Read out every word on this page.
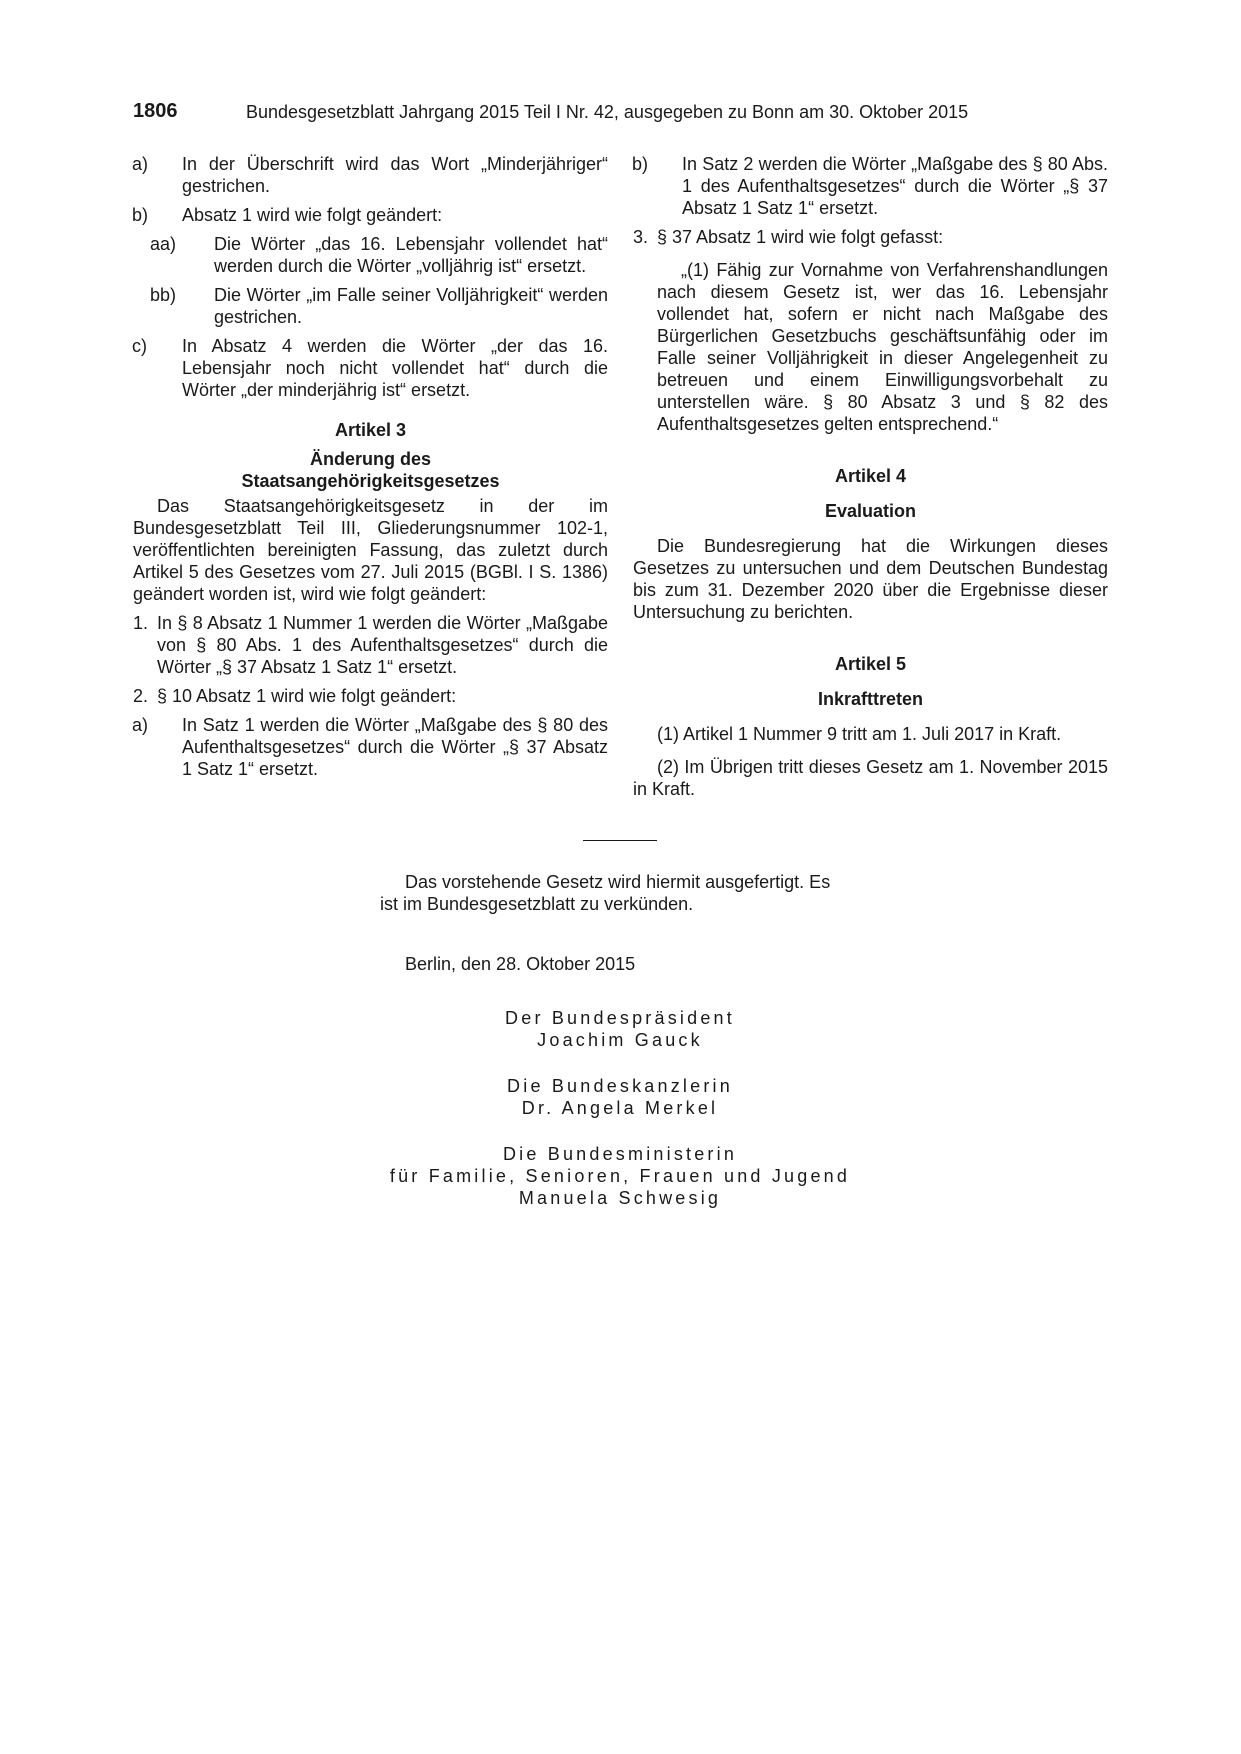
1806	Bundesgesetzblatt Jahrgang 2015 Teil I Nr. 42, ausgegeben zu Bonn am 30. Oktober 2015
a) In der Überschrift wird das Wort „Minderjähriger“ gestrichen.
b) Absatz 1 wird wie folgt geändert:
aa) Die Wörter „das 16. Lebensjahr vollendet hat“ werden durch die Wörter „volljährig ist“ ersetzt.
bb) Die Wörter „im Falle seiner Volljährigkeit“ werden gestrichen.
c) In Absatz 4 werden die Wörter „der das 16. Lebensjahr noch nicht vollendet hat“ durch die Wörter „der minderjährig ist“ ersetzt.
Artikel 3
Änderung des
Staatsangehörigkeitsgesetzes

Das Staatsangehörigkeitsgesetz in der im Bundesgesetzblatt Teil III, Gliederungsnummer 102-1, veröffentlichten bereinigten Fassung, das zuletzt durch Artikel 5 des Gesetzes vom 27. Juli 2015 (BGBl. I S. 1386) geändert worden ist, wird wie folgt geändert:

1. In § 8 Absatz 1 Nummer 1 werden die Wörter „Maßgabe von § 80 Abs. 1 des Aufenthaltsgesetzes“ durch die Wörter „§ 37 Absatz 1 Satz 1“ ersetzt.
2. § 10 Absatz 1 wird wie folgt geändert:
a) In Satz 1 werden die Wörter „Maßgabe des § 80 des Aufenthaltsgesetzes“ durch die Wörter „§ 37 Absatz 1 Satz 1“ ersetzt.
b) In Satz 2 werden die Wörter „Maßgabe des § 80 Abs. 1 des Aufenthaltsgesetzes“ durch die Wörter „§ 37 Absatz 1 Satz 1“ ersetzt.
3. § 37 Absatz 1 wird wie folgt gefasst:

„(1) Fähig zur Vornahme von Verfahrenshandlungen nach diesem Gesetz ist, wer das 16. Lebensjahr vollendet hat, sofern er nicht nach Maßgabe des Bürgerlichen Gesetzbuchs geschäftsunfähig oder im Falle seiner Volljährigkeit in dieser Angelegenheit zu betreuen und einem Einwilligungsvorbehalt zu unterstellen wäre. § 80 Absatz 3 und § 82 des Aufenthaltsgesetzes gelten entsprechend.“

Artikel 4
Evaluation

Die Bundesregierung hat die Wirkungen dieses Gesetzes zu untersuchen und dem Deutschen Bundestag bis zum 31. Dezember 2020 über die Ergebnisse dieser Untersuchung zu berichten.

Artikel 5
Inkrafttreten

(1) Artikel 1 Nummer 9 tritt am 1. Juli 2017 in Kraft.

(2) Im Übrigen tritt dieses Gesetz am 1. November 2015 in Kraft.

Das vorstehende Gesetz wird hiermit ausgefertigt. Es

ist im Bundesgesetzblatt zu verkünden.

Berlin, den 28. Oktober 2015

Der Bundespräsident
Joachim Gauck
Die Bundeskanzlerin
Dr. Angela Merkel
Die Bundesministerin
für Familie, Senioren, Frauen und Jugend
Manuela Schwesig
